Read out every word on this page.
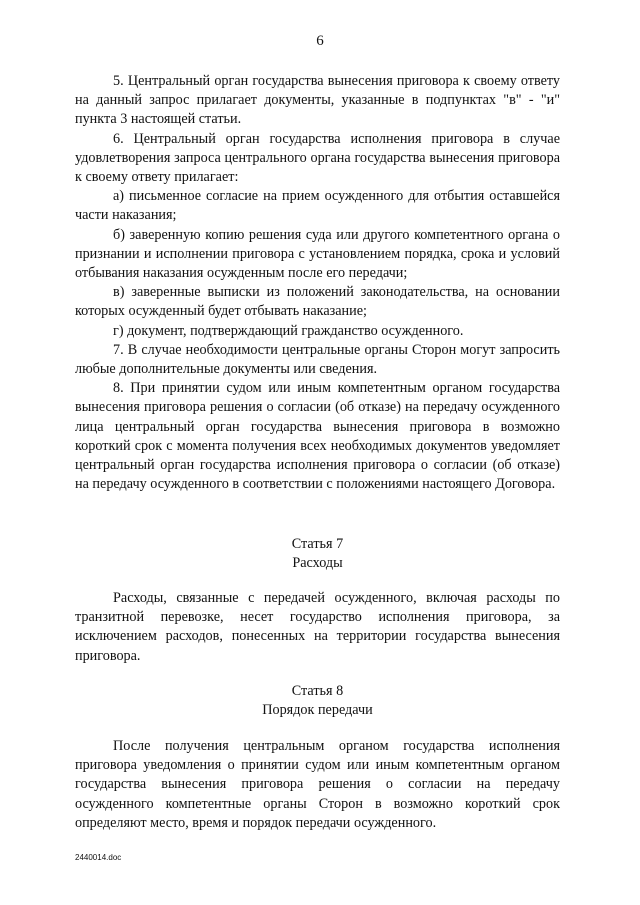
6

5. Центральный орган государства вынесения приговора к своему ответу на данный запрос прилагает документы, указанные в подпунктах "в" - "и" пункта 3 настоящей статьи.

6. Центральный орган государства исполнения приговора в случае удовлетворения запроса центрального органа государства вынесения приговора к своему ответу прилагает:

а) письменное согласие на прием осужденного для отбытия оставшейся части наказания;

б) заверенную копию решения суда или другого компетентного органа о признании и исполнении приговора с установлением порядка, срока и условий отбывания наказания осужденным после его передачи;

в) заверенные выписки из положений законодательства, на основании которых осужденный будет отбывать наказание;

г) документ, подтверждающий гражданство осужденного.

7. В случае необходимости центральные органы Сторон могут запросить любые дополнительные документы или сведения.

8. При принятии судом или иным компетентным органом государства вынесения приговора решения о согласии (об отказе) на передачу осужденного лица центральный орган государства вынесения приговора в возможно короткий срок с момента получения всех необходимых документов уведомляет центральный орган государства исполнения приговора о согласии (об отказе) на передачу осужденного в соответствии с положениями настоящего Договора.

Статья 7

Расходы

Расходы, связанные с передачей осужденного, включая расходы по транзитной перевозке, несет государство исполнения приговора, за исключением расходов, понесенных на территории государства вынесения приговора.

Статья 8

Порядок передачи

После получения центральным органом государства исполнения приговора уведомления о принятии судом или иным компетентным органом государства вынесения приговора решения о согласии на передачу осужденного компетентные органы Сторон в возможно короткий срок определяют место, время и порядок передачи осужденного.

2440014.doc
